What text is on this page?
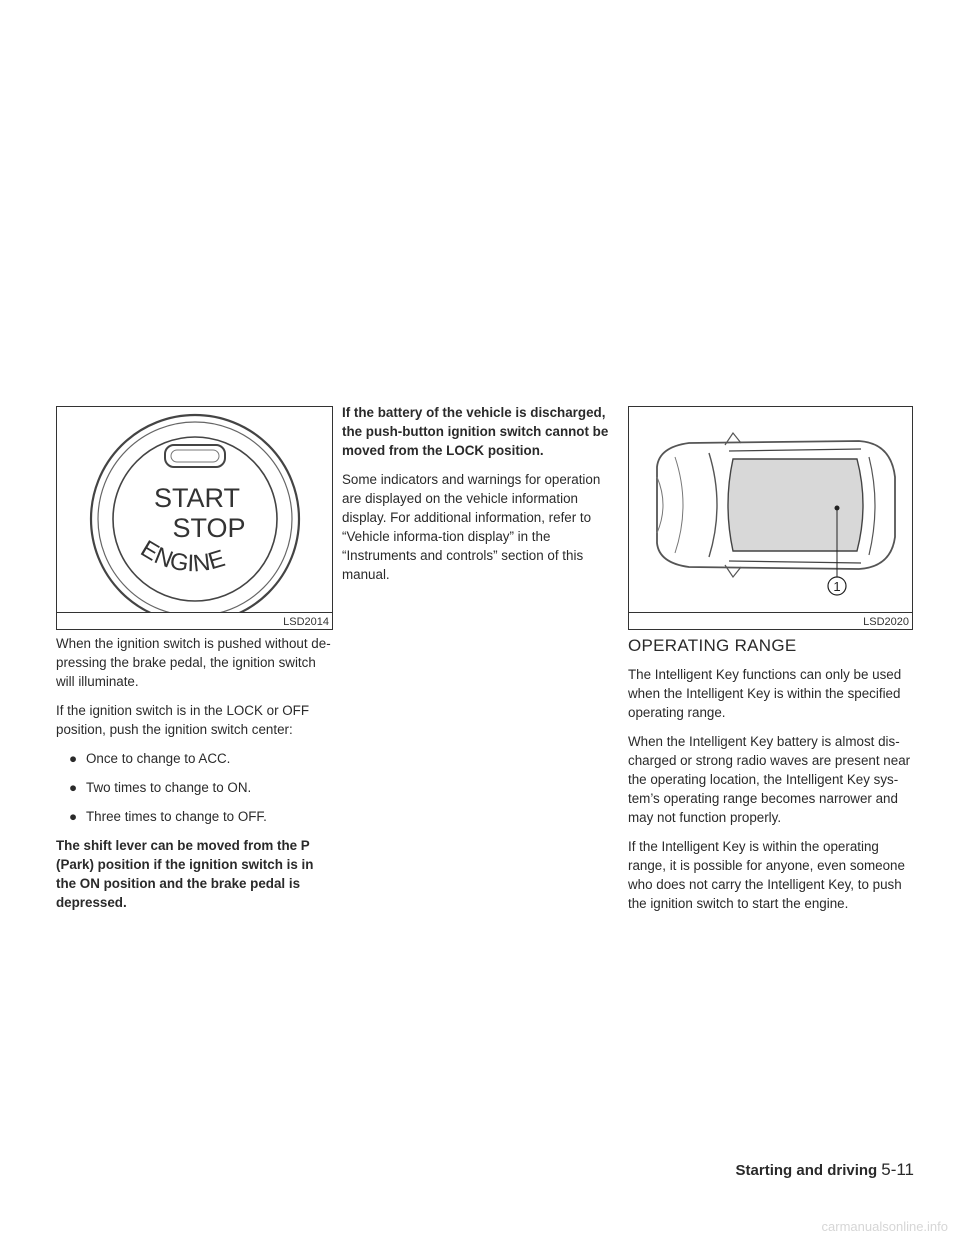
START
STOP
ENGINE
LSD2014
1
LSD2020

When the ignition switch is pushed without de-pressing the brake pedal, the ignition switch will illuminate.

If the ignition switch is in the LOCK or OFF position, push the ignition switch center:

● Once to change to ACC.
● Two times to change to ON.
● Three times to change to OFF.

The shift lever can be moved from the P (Park) position if the ignition switch is in the ON position and the brake pedal is depressed.

If the battery of the vehicle is discharged, the push-button ignition switch cannot be moved from the LOCK position.

Some indicators and warnings for operation are displayed on the vehicle information display. For additional information, refer to “Vehicle informa-tion display” in the “Instruments and controls” section of this manual.

OPERATING RANGE

The Intelligent Key functions can only be used when the Intelligent Key is within the specified operating range.

When the Intelligent Key battery is almost dis-charged or strong radio waves are present near the operating location, the Intelligent Key sys-tem’s operating range becomes narrower and may not function properly.

If the Intelligent Key is within the operating range, it is possible for anyone, even someone who does not carry the Intelligent Key, to push the ignition switch to start the engine.

Starting and driving 5-11
carmanualsonline.info
